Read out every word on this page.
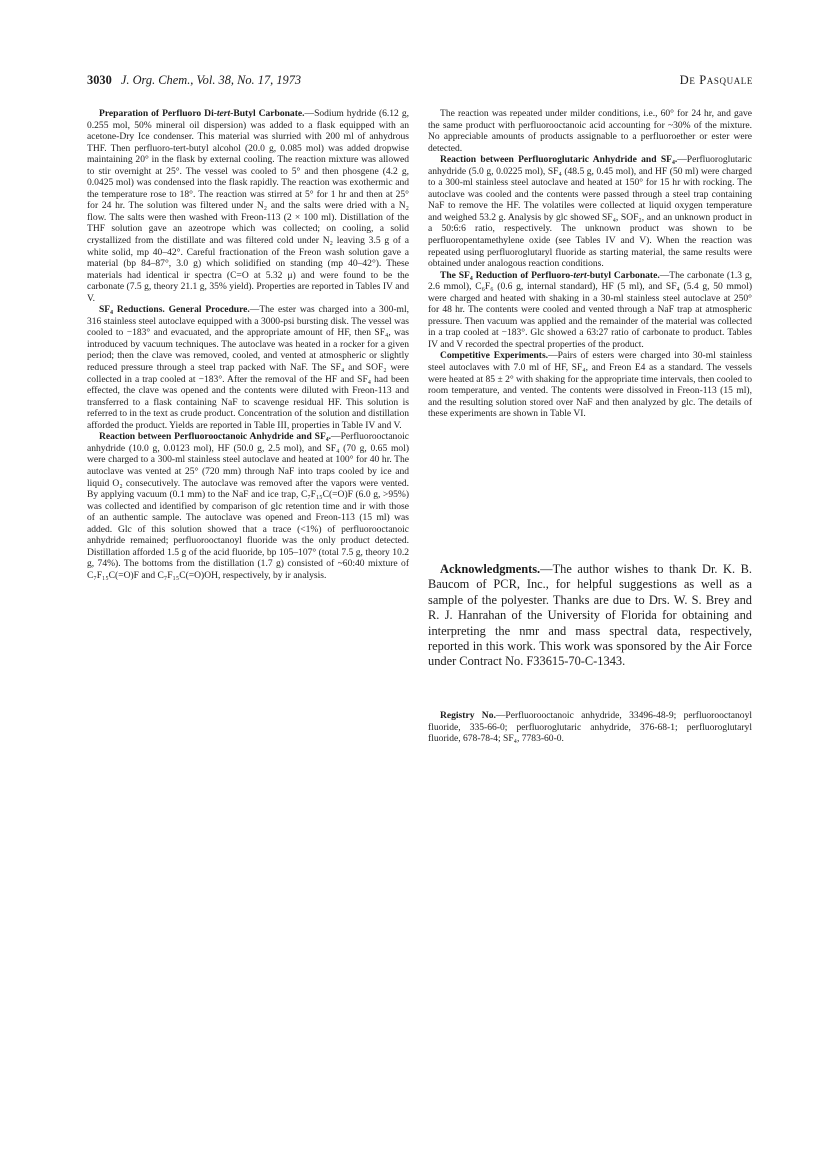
3030 J. Org. Chem., Vol. 38, No. 17, 1973	De Pasquale

Preparation of Perfluoro Di-tert-Butyl Carbonate.—Sodium hydride (6.12 g, 0.255 mol, 50% mineral oil dispersion) was added to a flask equipped with an acetone-Dry Ice condenser. This material was slurried with 200 ml of anhydrous THF. Then perfluoro-tert-butyl alcohol (20.0 g, 0.085 mol) was added dropwise maintaining 20° in the flask by external cooling. The reaction mixture was allowed to stir overnight at 25°. The vessel was cooled to 5° and then phosgene (4.2 g, 0.0425 mol) was condensed into the flask rapidly. The reaction was exothermic and the temperature rose to 18°. The reaction was stirred at 5° for 1 hr and then at 25° for 24 hr. The solution was filtered under N₂ and the salts were dried with a N₂ flow. The salts were then washed with Freon-113 (2 × 100 ml). Distillation of the THF solution gave an azeotrope which was collected; on cooling, a solid crystallized from the distillate and was filtered cold under N₂ leaving 3.5 g of a white solid, mp 40–42°. Careful fractionation of the Freon wash solution gave a material (bp 84–87°, 3.0 g) which solidified on standing (mp 40–42°). These materials had identical ir spectra (C=O at 5.32 μ) and were found to be the carbonate (7.5 g, theory 21.1 g, 35% yield). Properties are reported in Tables IV and V.

SF₄ Reductions. General Procedure.—The ester was charged into a 300-ml, 316 stainless steel autoclave equipped with a 3000-psi bursting disk. The vessel was cooled to −183° and evacuated, and the appropriate amount of HF, then SF₄, was introduced by vacuum techniques. The autoclave was heated in a rocker for a given period; then the clave was removed, cooled, and vented at atmospheric or slightly reduced pressure through a steel trap packed with NaF. The SF₄ and SOF₂ were collected in a trap cooled at −183°. After the removal of the HF and SF₄ had been effected, the clave was opened and the contents were diluted with Freon-113 and transferred to a flask containing NaF to scavenge residual HF. This solution is referred to in the text as crude product. Concentration of the solution and distillation afforded the product. Yields are reported in Table III, properties in Table IV and V.

Reaction between Perfluorooctanoic Anhydride and SF₄.—Perfluorooctanoic anhydride (10.0 g, 0.0123 mol), HF (50.0 g, 2.5 mol), and SF₄ (70 g, 0.65 mol) were charged to a 300-ml stainless steel autoclave and heated at 100° for 40 hr. The autoclave was vented at 25° (720 mm) through NaF into traps cooled by ice and liquid O₂ consecutively. The autoclave was removed after the vapors were vented. By applying vacuum (0.1 mm) to the NaF and ice trap, C₇F₁₅C(=O)F (6.0 g, >95%) was collected and identified by comparison of glc retention time and ir with those of an authentic sample. The autoclave was opened and Freon-113 (15 ml) was added. Glc of this solution showed that a trace (<1%) of perfluorooctanoic anhydride remained; perfluorooctanoyl fluoride was the only product detected. Distillation afforded 1.5 g of the acid fluoride, bp 105–107° (total 7.5 g, theory 10.2 g, 74%). The bottoms from the distillation (1.7 g) consisted of ~60:40 mixture of C₇F₁₅C(=O)F and C₇F₁₅C(=O)OH, respectively, by ir analysis.

The reaction was repeated under milder conditions, i.e., 60° for 24 hr, and gave the same product with perfluorooctanoic acid accounting for ~30% of the mixture. No appreciable amounts of products assignable to a perfluoroether or ester were detected.

Reaction between Perfluoroglutaric Anhydride and SF₄.—Perfluoroglutaric anhydride (5.0 g, 0.0225 mol), SF₄ (48.5 g, 0.45 mol), and HF (50 ml) were charged to a 300-ml stainless steel autoclave and heated at 150° for 15 hr with rocking. The autoclave was cooled and the contents were passed through a steel trap containing NaF to remove the HF. The volatiles were collected at liquid oxygen temperature and weighed 53.2 g. Analysis by glc showed SF₄, SOF₂, and an unknown product in a 50:6:6 ratio, respectively. The unknown product was shown to be perfluoropentamethylene oxide (see Tables IV and V). When the reaction was repeated using perfluoroglutaryl fluoride as starting material, the same results were obtained under analogous reaction conditions.

The SF₄ Reduction of Perfluoro-tert-butyl Carbonate.—The carbonate (1.3 g, 2.6 mmol), C₆F₆ (0.6 g, internal standard), HF (5 ml), and SF₄ (5.4 g, 50 mmol) were charged and heated with shaking in a 30-ml stainless steel autoclave at 250° for 48 hr. The contents were cooled and vented through a NaF trap at atmospheric pressure. Then vacuum was applied and the remainder of the material was collected in a trap cooled at −183°. Glc showed a 63:27 ratio of carbonate to product. Tables IV and V recorded the spectral properties of the product.

Competitive Experiments.—Pairs of esters were charged into 30-ml stainless steel autoclaves with 7.0 ml of HF, SF₄, and Freon E4 as a standard. The vessels were heated at 85 ± 2° with shaking for the appropriate time intervals, then cooled to room temperature, and vented. The contents were dissolved in Freon-113 (15 ml), and the resulting solution stored over NaF and then analyzed by glc. The details of these experiments are shown in Table VI.

Acknowledgments.—The author wishes to thank Dr. K. B. Baucom of PCR, Inc., for helpful suggestions as well as a sample of the polyester. Thanks are due to Drs. W. S. Brey and R. J. Hanrahan of the University of Florida for obtaining and interpreting the nmr and mass spectral data, respectively, reported in this work. This work was sponsored by the Air Force under Contract No. F33615-70-C-1343.

Registry No.—Perfluorooctanoic anhydride, 33496-48-9; perfluorooctanoyl fluoride, 335-66-0; perfluoroglutaric anhydride, 376-68-1; perfluoroglutaryl fluoride, 678-78-4; SF₄, 7783-60-0.
